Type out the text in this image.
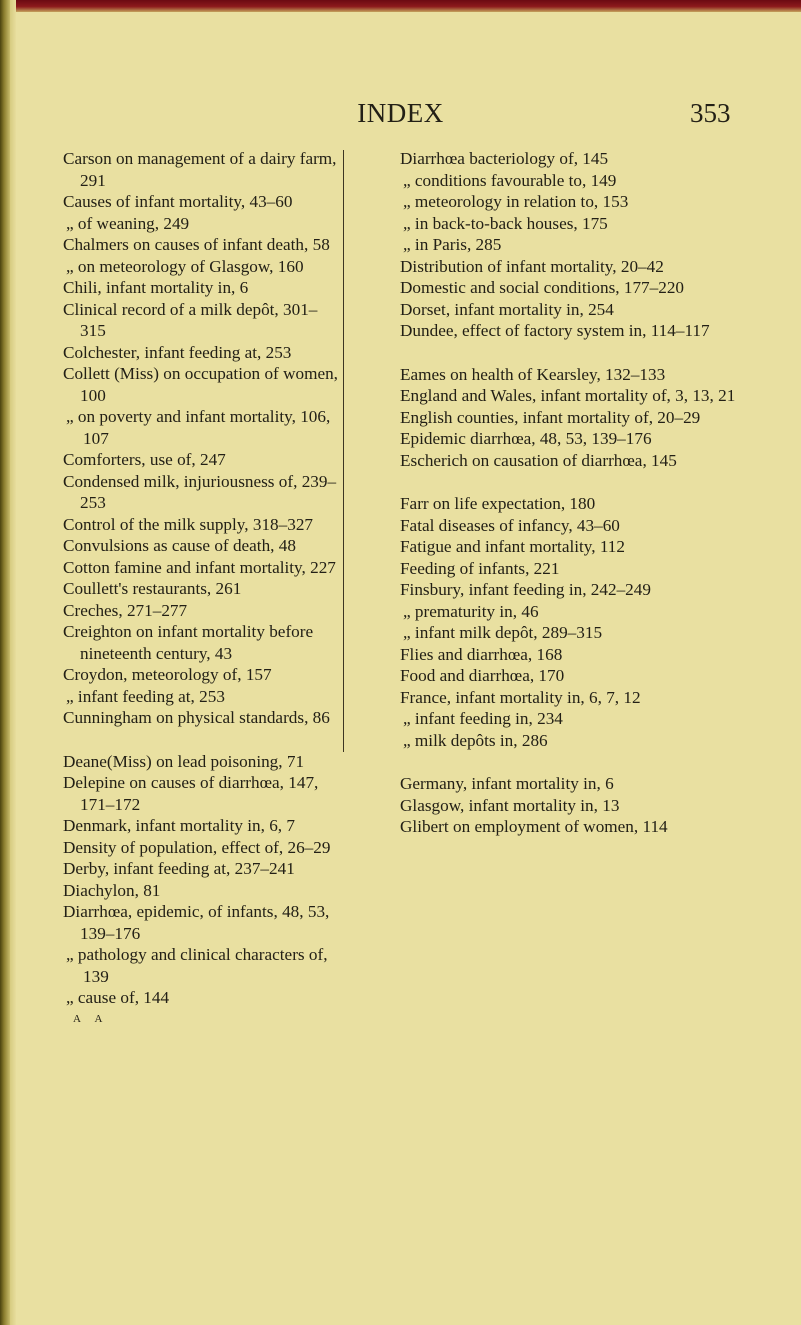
INDEX	353
Carson on management of a dairy farm, 291
Causes of infant mortality, 43–60
„ of weaning, 249
Chalmers on causes of infant death, 58
„ on meteorology of Glasgow, 160
Chili, infant mortality in, 6
Clinical record of a milk depôt, 301–315
Colchester, infant feeding at, 253
Collett (Miss) on occupation of women, 100
„ on poverty and infant mortality, 106, 107
Comforters, use of, 247
Condensed milk, injuriousness of, 239–253
Control of the milk supply, 318–327
Convulsions as cause of death, 48
Cotton famine and infant mortality, 227
Coullett's restaurants, 261
Creches, 271–277
Creighton on infant mortality before nineteenth century, 43
Croydon, meteorology of, 157
„ infant feeding at, 253
Cunningham on physical standards, 86
Deane(Miss) on lead poisoning, 71
Delepine on causes of diarrhœa, 147, 171–172
Denmark, infant mortality in, 6, 7
Density of population, effect of, 26–29
Derby, infant feeding at, 237–241
Diachylon, 81
Diarrhœa, epidemic, of infants, 48, 53, 139–176
„ pathology and clinical characters of, 139
„ cause of, 144
A A
Diarrhœa bacteriology of, 145
„ conditions favourable to, 149
„ meteorology in relation to, 153
„ in back-to-back houses, 175
„ in Paris, 285
Distribution of infant mortality, 20–42
Domestic and social conditions, 177–220
Dorset, infant mortality in, 254
Dundee, effect of factory system in, 114–117
Eames on health of Kearsley, 132–133
England and Wales, infant mortality of, 3, 13, 21
English counties, infant mortality of, 20–29
Epidemic diarrhœa, 48, 53, 139–176
Escherich on causation of diarrhœa, 145
Farr on life expectation, 180
Fatal diseases of infancy, 43–60
Fatigue and infant mortality, 112
Feeding of infants, 221
Finsbury, infant feeding in, 242–249
„ prematurity in, 46
„ infant milk depôt, 289–315
Flies and diarrhœa, 168
Food and diarrhœa, 170
France, infant mortality in, 6, 7, 12
„ infant feeding in, 234
„ milk depôts in, 286
Germany, infant mortality in, 6
Glasgow, infant mortality in, 13
Glibert on employment of women, 114
